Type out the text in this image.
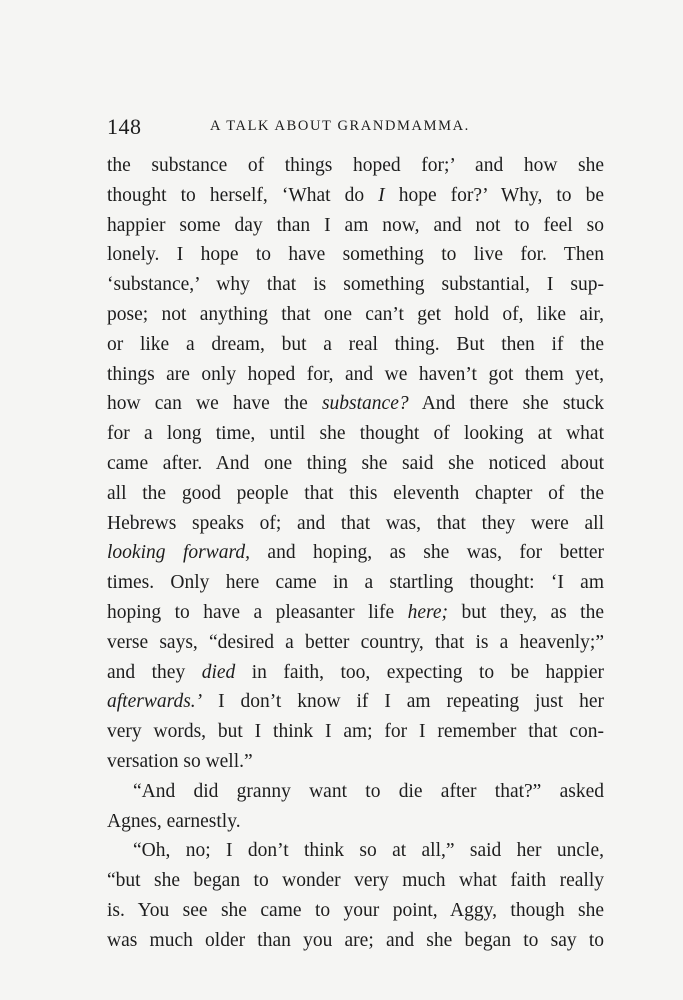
148	A TALK ABOUT GRANDMAMMA.
the substance of things hoped for;’ and how she
thought to herself, ‘What do I hope for?’ Why, to be
happier some day than I am now, and not to feel so
lonely. I hope to have something to live for. Then
‘substance,’ why that is something substantial, I sup-
pose; not anything that one can’t get hold of, like air,
or like a dream, but a real thing. But then if the
things are only hoped for, and we haven’t got them yet,
how can we have the substance? And there she stuck
for a long time, until she thought of looking at what
came after. And one thing she said she noticed about
all the good people that this eleventh chapter of the
Hebrews speaks of; and that was, that they were all
looking forward, and hoping, as she was, for better
times. Only here came in a startling thought: ‘I am
hoping to have a pleasanter life here; but they, as the
verse says, “desired a better country, that is a heavenly;”
and they died in faith, too, expecting to be happier
afterwards.’ I don’t know if I am repeating just her
very words, but I think I am; for I remember that con-
versation so well.”
“And did granny want to die after that?” asked
Agnes, earnestly.
“Oh, no; I don’t think so at all,” said her uncle,
“but she began to wonder very much what faith really
is. You see she came to your point, Aggy, though she
was much older than you are; and she began to say to
